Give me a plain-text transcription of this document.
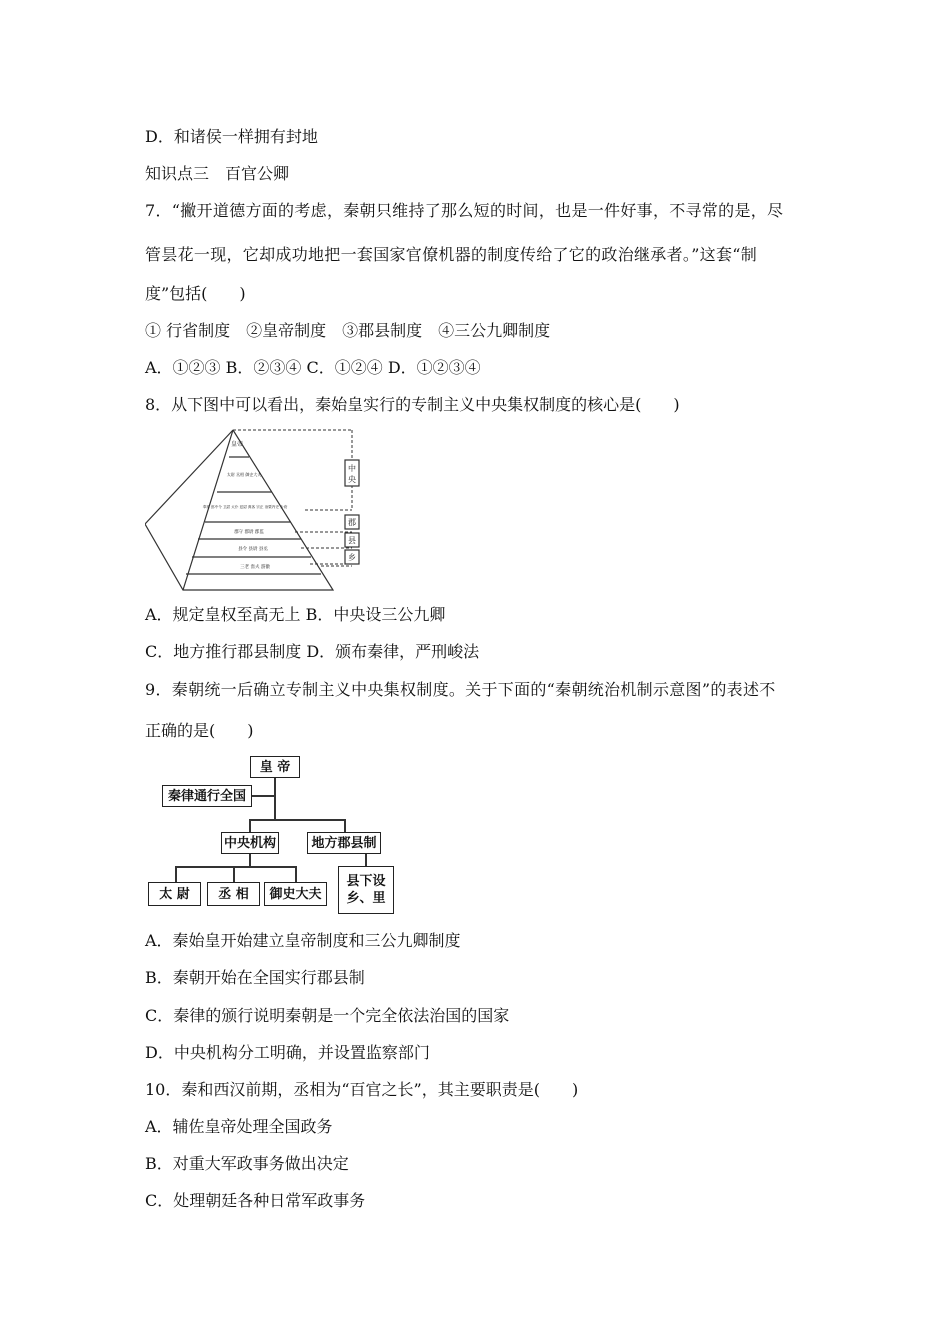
D．和诸侯一样拥有封地
知识点三　百官公卿
7．“撇开道德方面的考虑，秦朝只维持了那么短的时间，也是一件好事，不寻常的是，尽
管昙花一现，它却成功地把一套国家官僚机器的制度传给了它的政治继承者。”这套“制
度”包括(　　)
① 行省制度　②皇帝制度　③郡县制度　④三公九卿制度
A．①②③ B．②③④ C．①②④ D．①②③④
8．从下图中可以看出，秦始皇实行的专制主义中央集权制度的核心是(　　)
中
央
郡
县
乡
皇帝
太尉 丞相 御史大夫
奉常 郎中令 卫尉 太仆 廷尉 典客 宗正 治粟内史 少府
郡守 郡尉 郡监
县令 县尉 县丞
三老 啬夫 游徼
A．规定皇权至高无上 B．中央设三公九卿
C．地方推行郡县制度 D．颁布秦律，严刑峻法
9．秦朝统一后确立专制主义中央集权制度。关于下面的“秦朝统治机制示意图”的表述不
正确的是(　　)
皇 帝
秦律通行全国
中央机构	地方郡县制
太 尉	丞 相	御史大夫
县下设乡、里
A．秦始皇开始建立皇帝制度和三公九卿制度
B．秦朝开始在全国实行郡县制
C．秦律的颁行说明秦朝是一个完全依法治国的国家
D．中央机构分工明确，并设置监察部门
10．秦和西汉前期，丞相为“百官之长”，其主要职责是(　　)
A．辅佐皇帝处理全国政务
B．对重大军政事务做出决定
C．处理朝廷各种日常军政事务
